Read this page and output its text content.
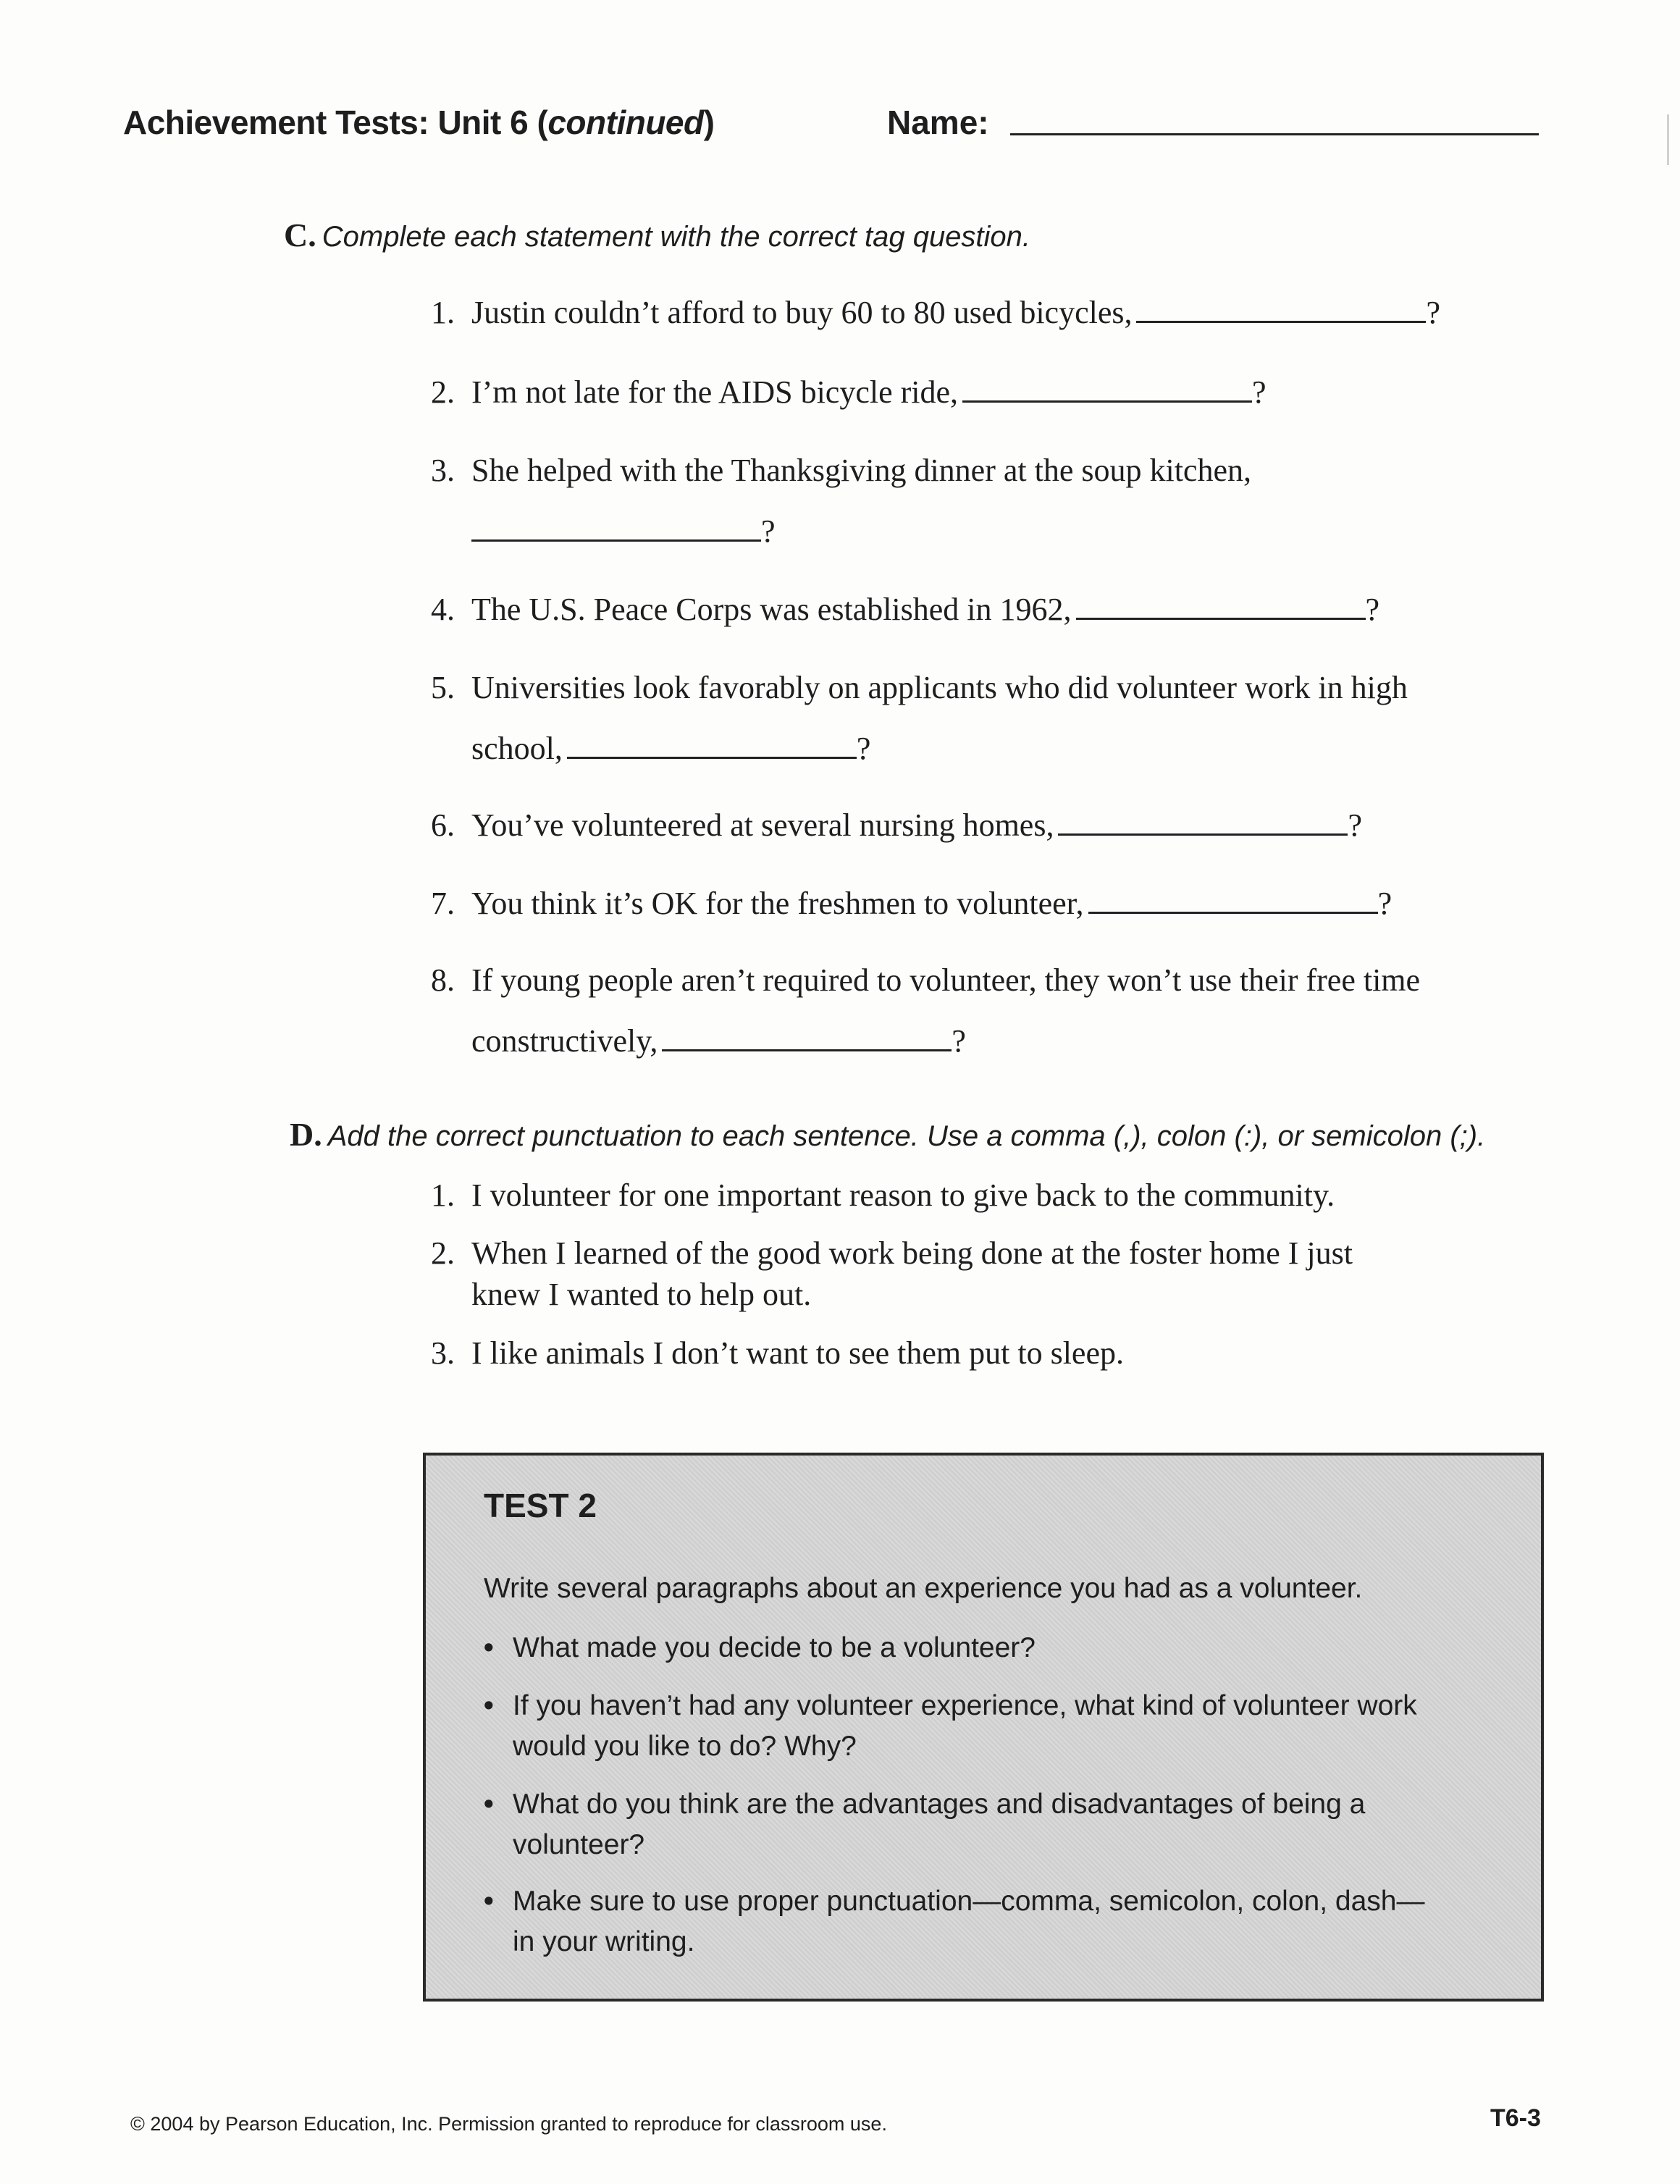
Achievement Tests: Unit 6 (continued)	Name:
C. Complete each statement with the correct tag question.
1. Justin couldn’t afford to buy 60 to 80 used bicycles,	?
2. I’m not late for the AIDS bicycle ride,	?
3. She helped with the Thanksgiving dinner at the soup kitchen,
?
4. The U.S. Peace Corps was established in 1962,	?
5. Universities look favorably on applicants who did volunteer work in high
school,	?
6. You’ve volunteered at several nursing homes,	?
7. You think it’s OK for the freshmen to volunteer,	?
8. If young people aren’t required to volunteer, they won’t use their free time
constructively,	?
D. Add the correct punctuation to each sentence. Use a comma (,), colon (:), or semicolon (;).
1. I volunteer for one important reason to give back to the community.
2. When I learned of the good work being done at the foster home I just
knew I wanted to help out.
3. I like animals I don’t want to see them put to sleep.
TEST 2
Write several paragraphs about an experience you had as a volunteer.
• What made you decide to be a volunteer?
• If you haven’t had any volunteer experience, what kind of volunteer work
would you like to do? Why?
• What do you think are the advantages and disadvantages of being a
volunteer?
• Make sure to use proper punctuation—comma, semicolon, colon, dash—
in your writing.
© 2004 by Pearson Education, Inc. Permission granted to reproduce for classroom use.	T6-3
